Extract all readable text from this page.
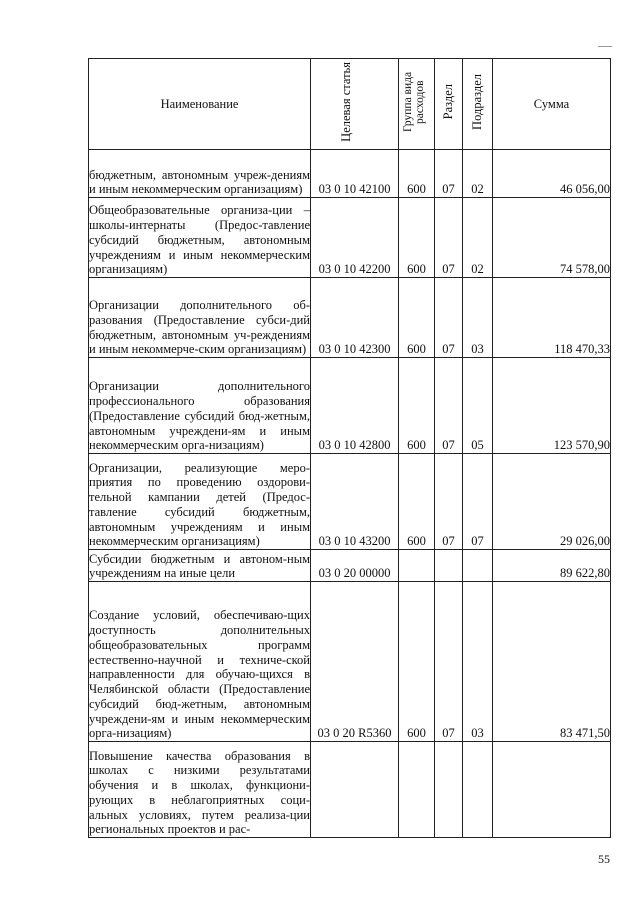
Наименование	Целевая статья	Группа вида расходов	Раздел	Подраздел	Сумма
бюджетным, автономным учреж-дениям и иным некоммерческим организациям)	03 0 10 42100	600	07	02	46 056,00
Общеобразовательные организа-ции – школы-интернаты (Предос-тавление субсидий бюджетным, автономным учреждениям и иным некоммерческим организациям)	03 0 10 42200	600	07	02	74 578,00
Организации дополнительного об-разования (Предоставление субси-дий бюджетным, автономным уч-реждениям и иным некоммерче-ским организациям)	03 0 10 42300	600	07	03	118 470,33
Организации дополнительного профессионального образования (Предоставление субсидий бюд-жетным, автономным учреждени-ям и иным некоммерческим орга-низациям)	03 0 10 42800	600	07	05	123 570,90
Организации, реализующие меро-приятия по проведению оздорови-тельной кампании детей (Предос-тавление субсидий бюджетным, автономным учреждениям и иным некоммерческим организациям)	03 0 10 43200	600	07	07	29 026,00
Субсидии бюджетным и автоном-ным учреждениям на иные цели	03 0 20 00000				89 622,80
Создание условий, обеспечиваю-щих доступность дополнительных общеобразовательных программ естественно-научной и техниче-ской направленности для обучаю-щихся в Челябинской области (Предоставление субсидий бюд-жетным, автономным учреждени-ям и иным некоммерческим орга-низациям)	03 0 20 R5360	600	07	03	83 471,50
Повышение качества образования в школах с низкими результатами обучения и в школах, функциони-рующих в неблагоприятных соци-альных условиях, путем реализа-ции региональных проектов и рас-					
55
